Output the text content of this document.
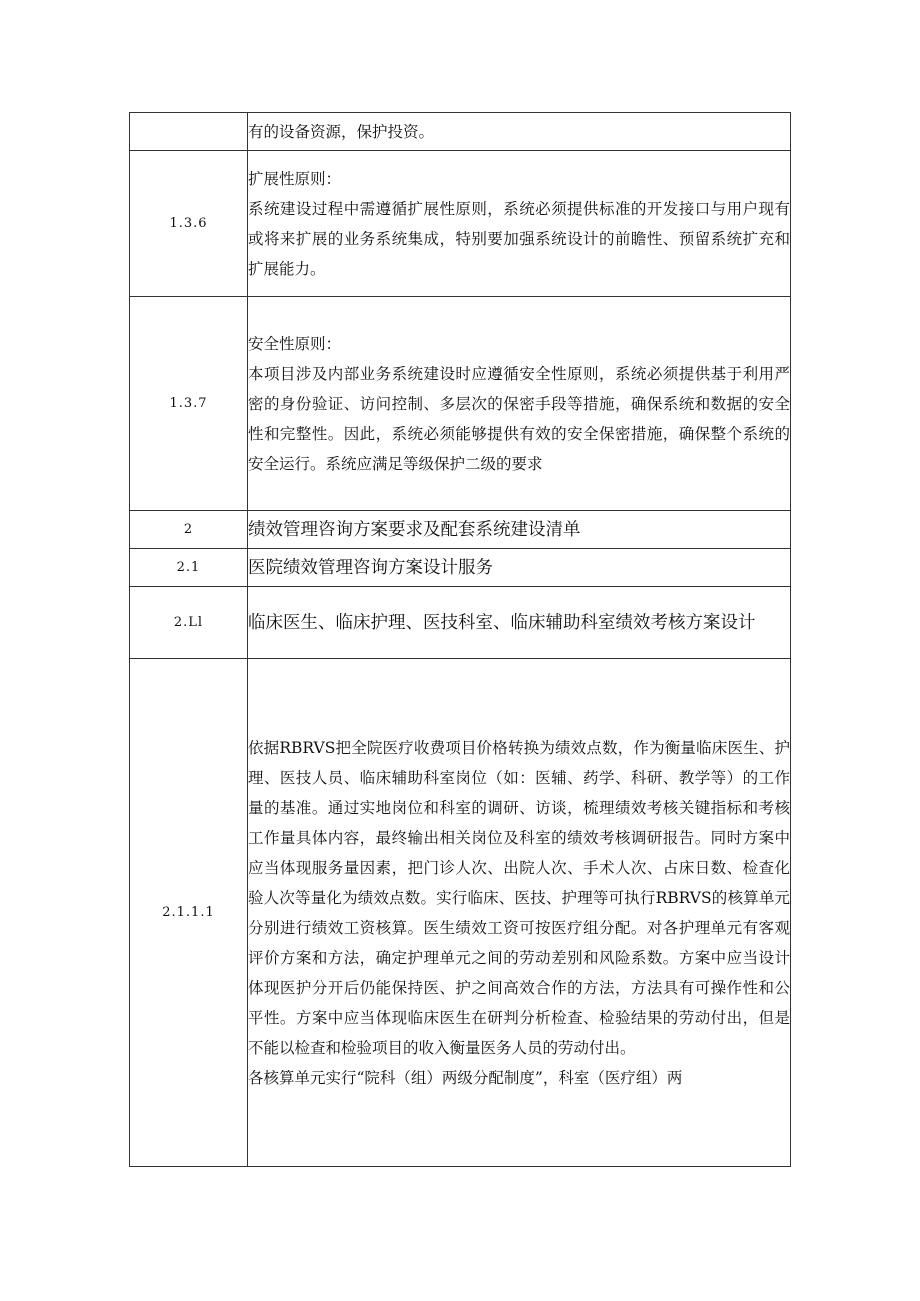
	有的设备资源，保护投资。

1.3.6	扩展性原则：

系统建设过程中需遵循扩展性原则，系统必须提供标准的开发接口与用户现有或将来扩展的业务系统集成，特别要加强系统设计的前瞻性、预留系统扩充和扩展能力。

1.3.7	安全性原则：

本项目涉及内部业务系统建设时应遵循安全性原则，系统必须提供基于利用严密的身份验证、访问控制、多层次的保密手段等措施，确保系统和数据的安全性和完整性。因此，系统必须能够提供有效的安全保密措施，确保整个系统的安全运行。系统应满足等级保护二级的要求

2	绩效管理咨询方案要求及配套系统建设清单

2.1	医院绩效管理咨询方案设计服务

2.Ll	临床医生、临床护理、医技科室、临床辅助科室绩效考核方案设计

2.1.1.1	依据RBRVS把全院医疗收费项目价格转换为绩效点数，作为衡量临床医生、护理、医技人员、临床辅助科室岗位（如：医辅、药学、科研、教学等）的工作量的基准。通过实地岗位和科室的调研、访谈，梳理绩效考核关键指标和考核工作量具体内容，最终输出相关岗位及科室的绩效考核调研报告。同时方案中应当体现服务量因素，把门诊人次、出院人次、手术人次、占床日数、检查化验人次等量化为绩效点数。实行临床、医技、护理等可执行RBRVS的核算单元分别进行绩效工资核算。医生绩效工资可按医疗组分配。对各护理单元有客观评价方案和方法，确定护理单元之间的劳动差别和风险系数。方案中应当设计体现医护分开后仍能保持医、护之间高效合作的方法，方法具有可操作性和公平性。方案中应当体现临床医生在研判分析检查、检验结果的劳动付出，但是不能以检查和检验项目的收入衡量医务人员的劳动付出。

各核算单元实行“院科（组）两级分配制度”，科室（医疗组）两
